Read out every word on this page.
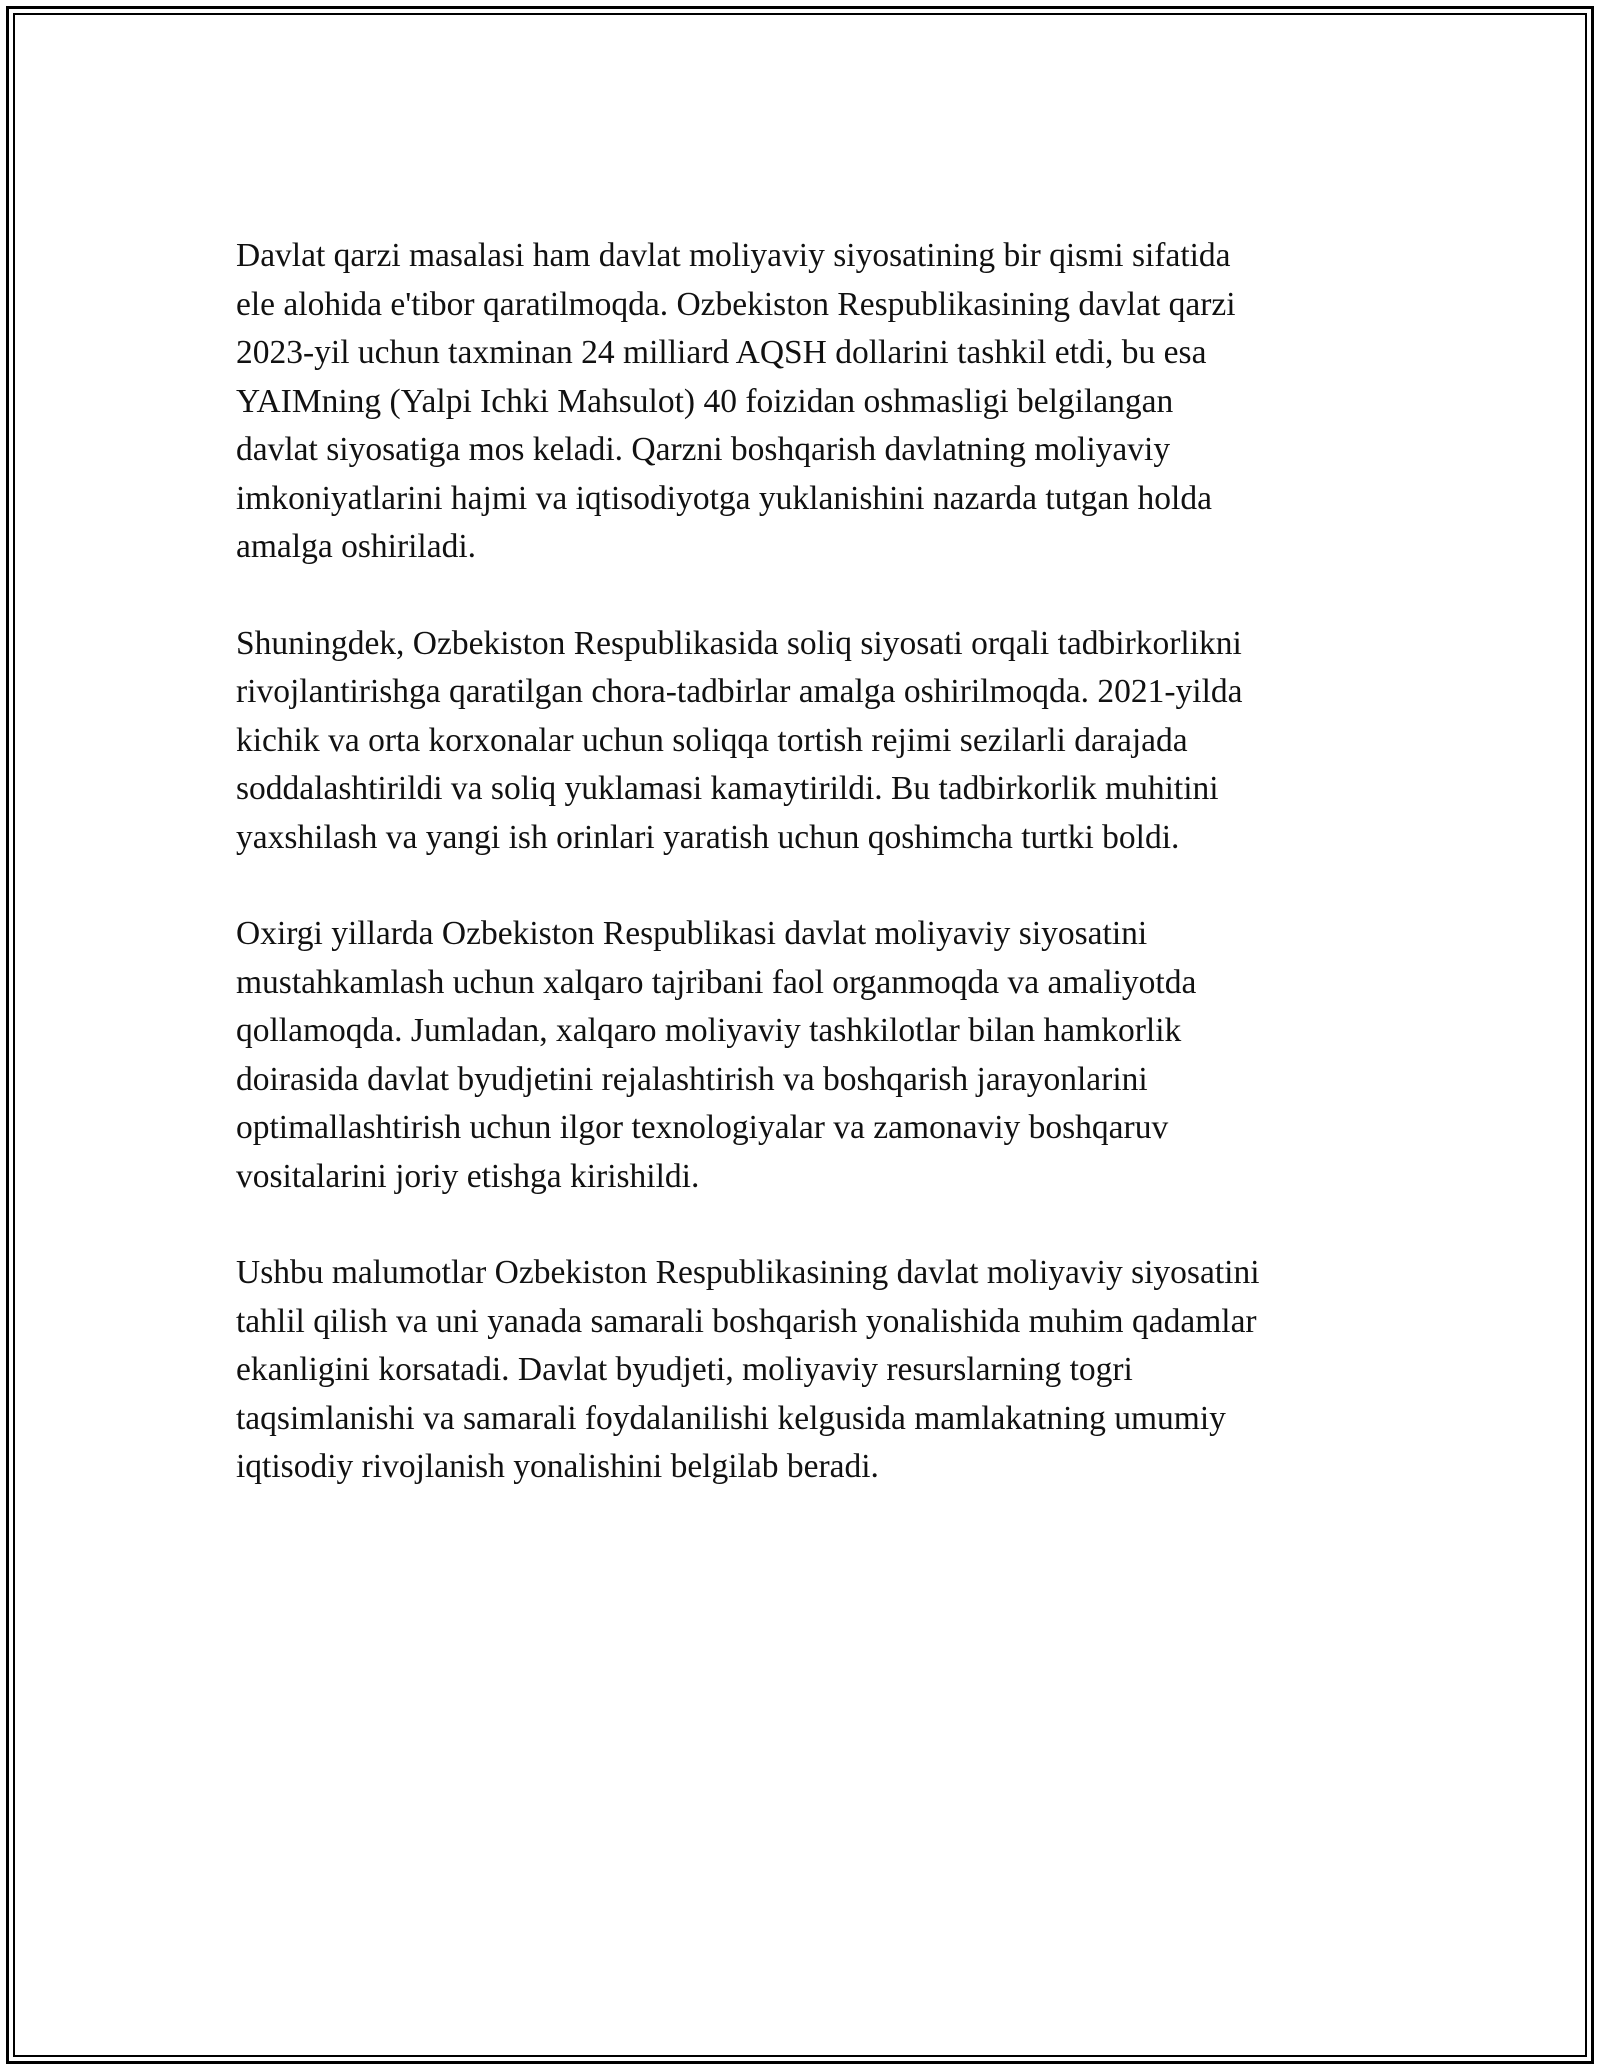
Davlat qarzi masalasi ham davlat moliyaviy siyosatining bir qismi sifatida
ele alohida e'tibor qaratilmoqda. Ozbekiston Respublikasining davlat qarzi
2023-yil uchun taxminan 24 milliard AQSH dollarini tashkil etdi, bu esa
YAIMning (Yalpi Ichki Mahsulot) 40 foizidan oshmasligi belgilangan
davlat siyosatiga mos keladi. Qarzni boshqarish davlatning moliyaviy
imkoniyatlarini hajmi va iqtisodiyotga yuklanishini nazarda tutgan holda
amalga oshiriladi.

Shuningdek, Ozbekiston Respublikasida soliq siyosati orqali tadbirkorlikni
rivojlantirishga qaratilgan chora-tadbirlar amalga oshirilmoqda. 2021-yilda
kichik va orta korxonalar uchun soliqqa tortish rejimi sezilarli darajada
soddalashtirildi va soliq yuklamasi kamaytirildi. Bu tadbirkorlik muhitini
yaxshilash va yangi ish orinlari yaratish uchun qoshimcha turtki boldi.

Oxirgi yillarda Ozbekiston Respublikasi davlat moliyaviy siyosatini
mustahkamlash uchun xalqaro tajribani faol organmoqda va amaliyotda
qollamoqda. Jumladan, xalqaro moliyaviy tashkilotlar bilan hamkorlik
doirasida davlat byudjetini rejalashtirish va boshqarish jarayonlarini
optimallashtirish uchun ilgor texnologiyalar va zamonaviy boshqaruv
vositalarini joriy etishga kirishildi.

Ushbu malumotlar Ozbekiston Respublikasining davlat moliyaviy siyosatini
tahlil qilish va uni yanada samarali boshqarish yonalishida muhim qadamlar
ekanligini korsatadi. Davlat byudjeti, moliyaviy resurslarning togri
taqsimlanishi va samarali foydalanilishi kelgusida mamlakatning umumiy
iqtisodiy rivojlanish yonalishini belgilab beradi.
